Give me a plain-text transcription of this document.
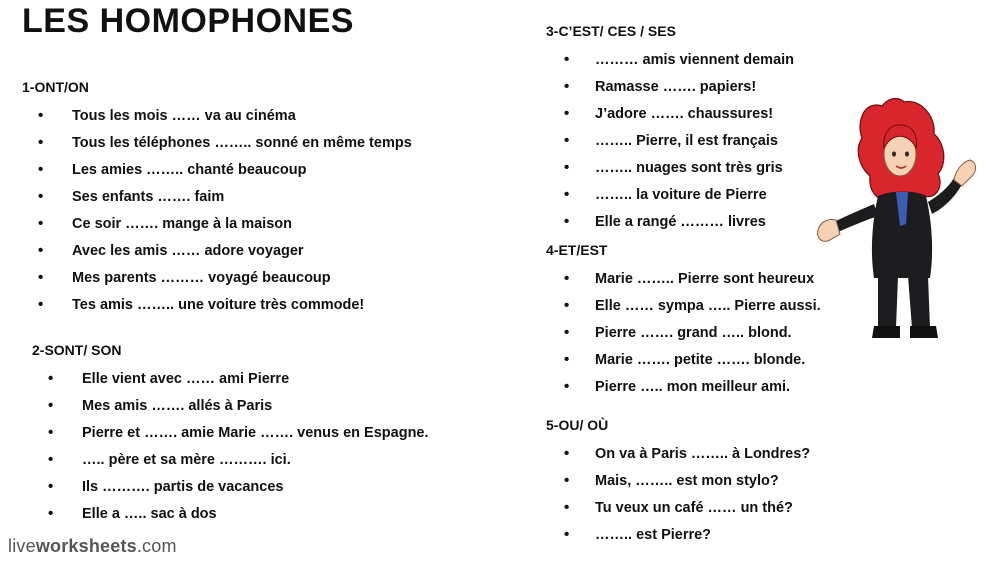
LES HOMOPHONES
1-ONT/ON
• Tous les mois …… va au cinéma
• Tous les téléphones …….. sonné en même temps
• Les amies …….. chanté beaucoup
• Ses enfants ……. faim
• Ce soir ……. mange à la maison
• Avec les amis …… adore voyager
• Mes parents ……… voyagé beaucoup
• Tes amis …….. une voiture très commode!
2-SONT/ SON
• Elle vient avec …… ami Pierre
• Mes amis ……. allés à Paris
• Pierre et ……. amie Marie ……. venus en Espagne.
• ….. père et sa mère ………. ici.
• Ils ………. partis de vacances
• Elle a ….. sac à dos
3-C’EST/ CES / SES
• ……… amis viennent demain
• Ramasse ……. papiers!
• J’adore ……. chaussures!
• …….. Pierre, il est français
• …….. nuages sont très gris
• …….. la voiture de Pierre
• Elle a rangé ……… livres
4-ET/EST
• Marie …….. Pierre sont heureux
• Elle …… sympa ….. Pierre aussi.
• Pierre ……. grand ….. blond.
• Marie ……. petite ……. blonde.
• Pierre ….. mon meilleur ami.
5-OU/ OÙ
• On va à Paris …….. à Londres?
• Mais, …….. est mon stylo?
• Tu veux un café …… un thé?
• …….. est Pierre?
liveworksheets.com
